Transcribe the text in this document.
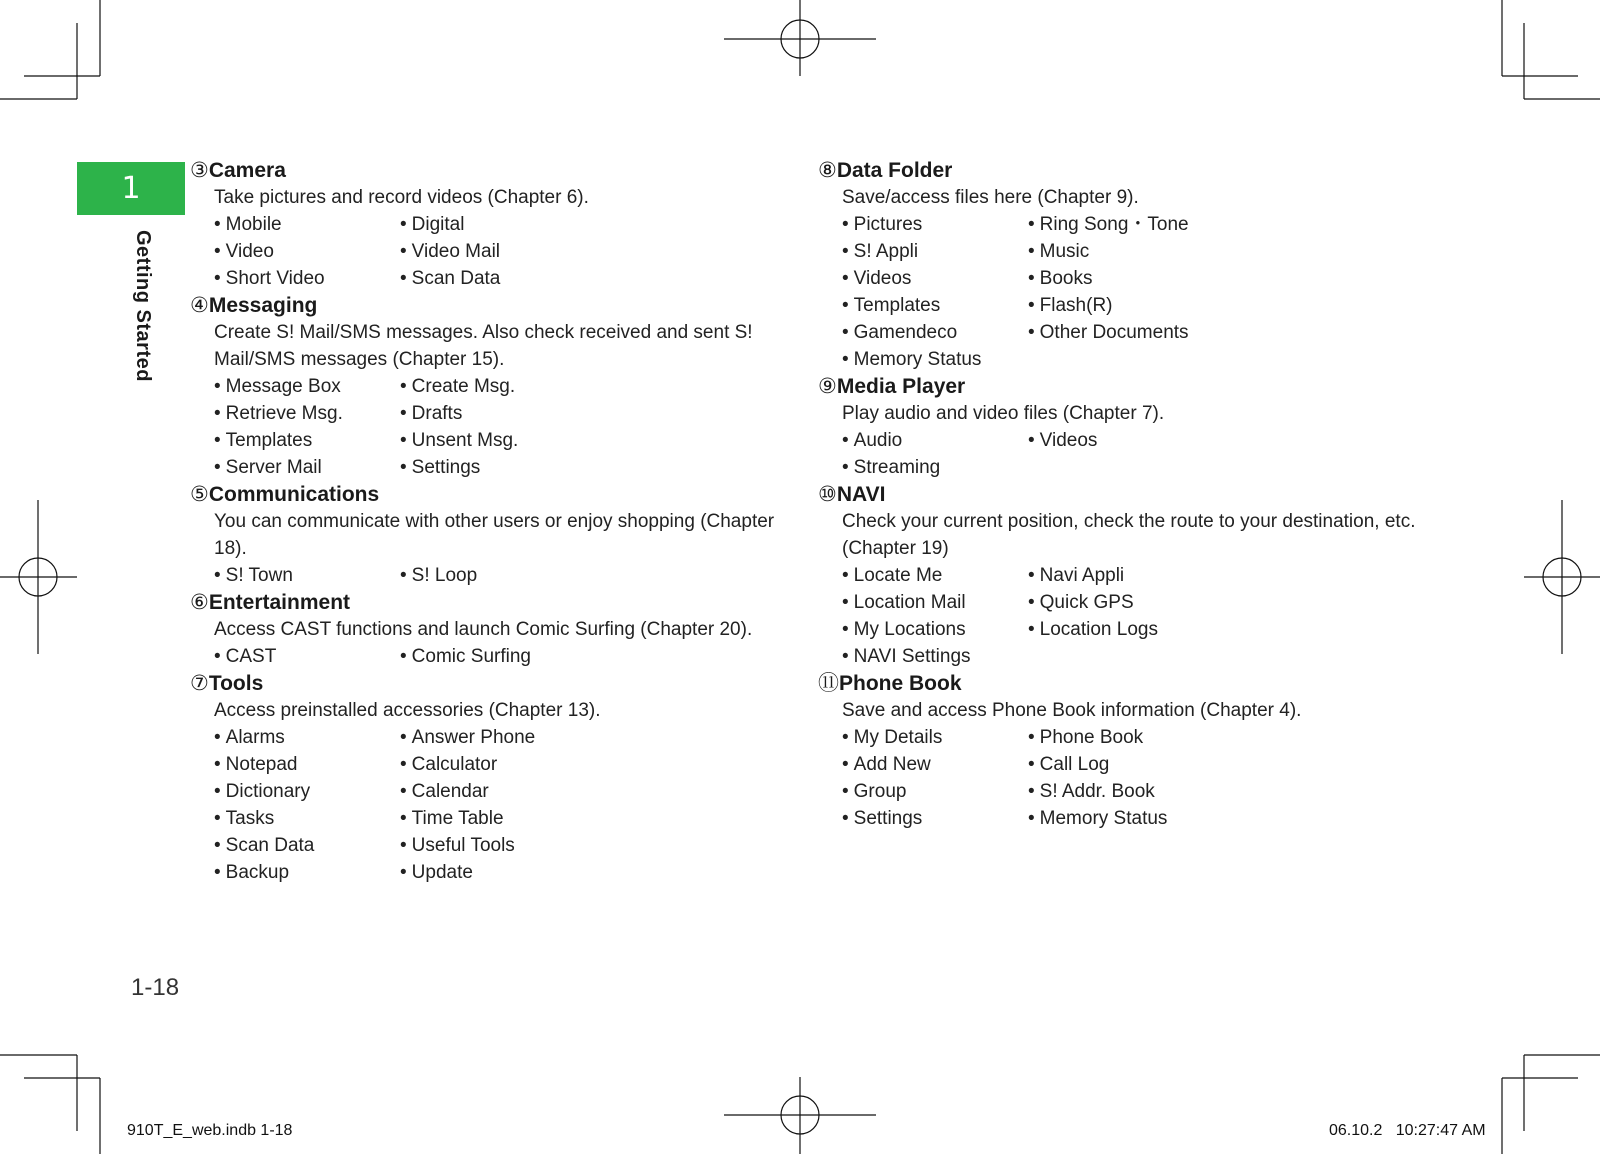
1
Getting Started
③Camera
Take pictures and record videos (Chapter 6).
• Mobile	• Digital
• Video	• Video Mail
• Short Video	• Scan Data
④Messaging
Create S! Mail/SMS messages. Also check received and sent S! Mail/SMS messages (Chapter 15).
• Message Box	• Create Msg.
• Retrieve Msg.	• Drafts
• Templates	• Unsent Msg.
• Server Mail	• Settings
⑤Communications
You can communicate with other users or enjoy shopping (Chapter 18).
• S! Town	• S! Loop
⑥Entertainment
Access CAST functions and launch Comic Surfing (Chapter 20).
• CAST	• Comic Surfing
⑦Tools
Access preinstalled accessories (Chapter 13).
• Alarms	• Answer Phone
• Notepad	• Calculator
• Dictionary	• Calendar
• Tasks	• Time Table
• Scan Data	• Useful Tools
• Backup	• Update
⑧Data Folder
Save/access files here (Chapter 9).
• Pictures	• Ring Song・Tone
• S! Appli	• Music
• Videos	• Books
• Templates	• Flash(R)
• Gamendeco	• Other Documents
• Memory Status
⑨Media Player
Play audio and video files (Chapter 7).
• Audio	• Videos
• Streaming
⑩NAVI
Check your current position, check the route to your destination, etc. (Chapter 19)
• Locate Me	• Navi Appli
• Location Mail	• Quick GPS
• My Locations	• Location Logs
• NAVI Settings
⑪Phone Book
Save and access Phone Book information (Chapter 4).
• My Details	• Phone Book
• Add New	• Call Log
• Group	• S! Addr. Book
• Settings	• Memory Status
1-18
910T_E_web.indb 1-18	06.10.2   10:27:47 AM
